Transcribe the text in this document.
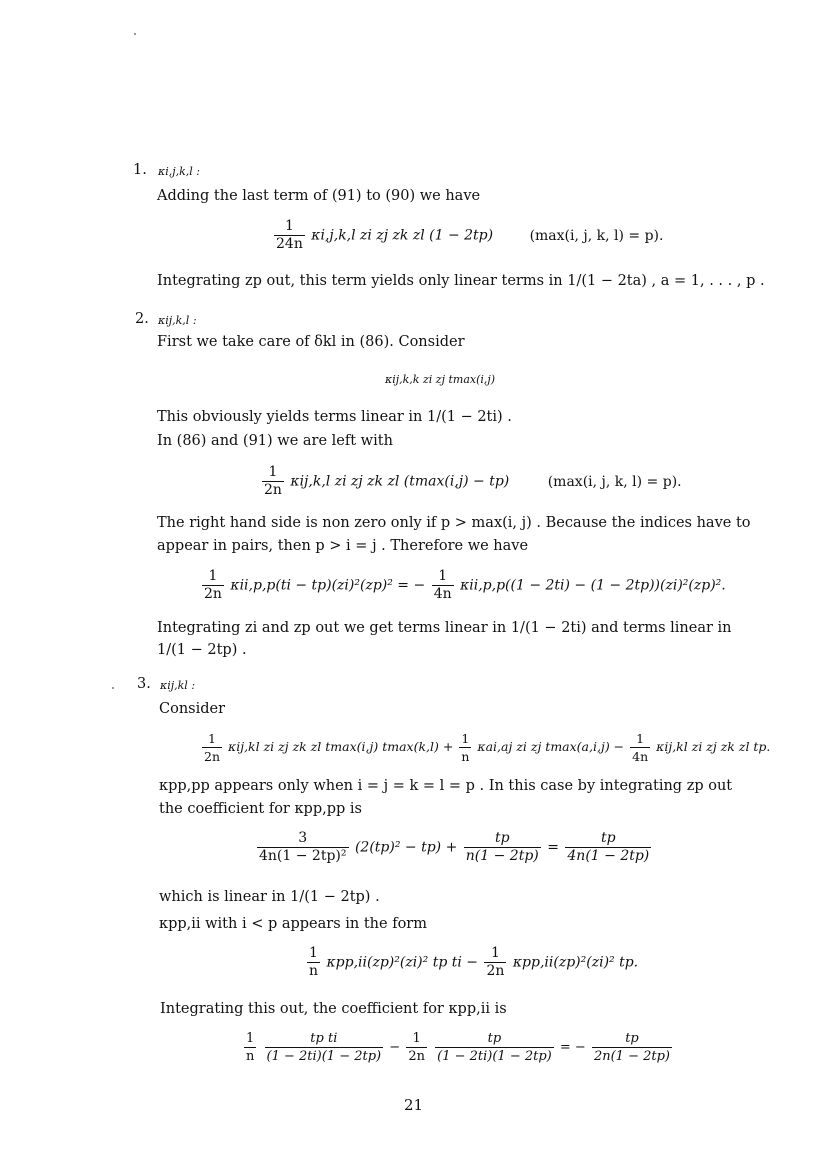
1. κi,j,k,l :
Adding the last term of (91) to (90) we have
$\frac{1}{24n} \kappa i,j,k,l$ zi zj zk zl (1 − 2tp)	(max(i, j, k, l) = p).
Integrating zp out, this term yields only linear terms in 1/(1 − 2ta) , a = 1, . . . , p .
2. κij,k,l :
First we take care of δkl in (86). Consider
κij,k,k zi zj tmax(i,j)
This obviously yields terms linear in 1/(1 − 2ti) .
In (86) and (91) we are left with
$\frac{1}{2n} \kappa ij,k,l$ zi zj zk zl (tmax(i,j) − tp)	(max(i, j, k, l) = p).
The right hand side is non zero only if p > max(i, j) . Because the indices have to
appear in pairs, then p > i = j . Therefore we have
$\frac{1}{2n} \kappa ii,p,p(ti - tp)(zi)^2(zp)^2$ = − $\frac{1}{4n} \kappa ii,p,p((1 - 2ti) - (1 - 2tp))(zi)^2(zp)^2$.
Integrating zi and zp out we get terms linear in 1/(1 − 2ti) and terms linear in
1/(1 − 2tp) .
3. κij,kl :
Consider
$\frac{1}{2n} \kappa ij,kl$ zi zj zk zl tmax(i,j) $tmax(k,l) + \frac{1}{n} \kappa ai,aj$ zi zj $tmax(a,i,j) - \frac{1}{4n} \kappa ij,kl$ zi zj zk zl tp.
κpp,pp appears only when i = j = k = l = p . In this case by integrating zp out
the coefficient for κpp,pp is
$\frac{3}{\text{4n(1 − 2tp)²}} (2(tp)^2 - tp) + \frac{tp}{n(1 - 2tp)} = \frac{tp}{4n(1 - 2tp)}$
which is linear in 1/(1 − 2tp) .
κpp,ii with i < p appears in the form
$\frac{1}{n} \kappa pp,ii(zp)^2(zi)^2$ tp ti − $\frac{1}{2n} \kappa pp,ii(zp)^2(zi)^2$ tp.
Integrating this out, the coefficient for κpp,ii is
$\frac{1}{n}$
$\frac{\text{tp ti}}{(1 - 2ti)(1 - 2tp)} - \frac{1}{2n}$
$\frac{tp}{(1 - 2ti)(1 - 2tp)}$ = − $\frac{tp}{2n(1 - 2tp)}$
21
